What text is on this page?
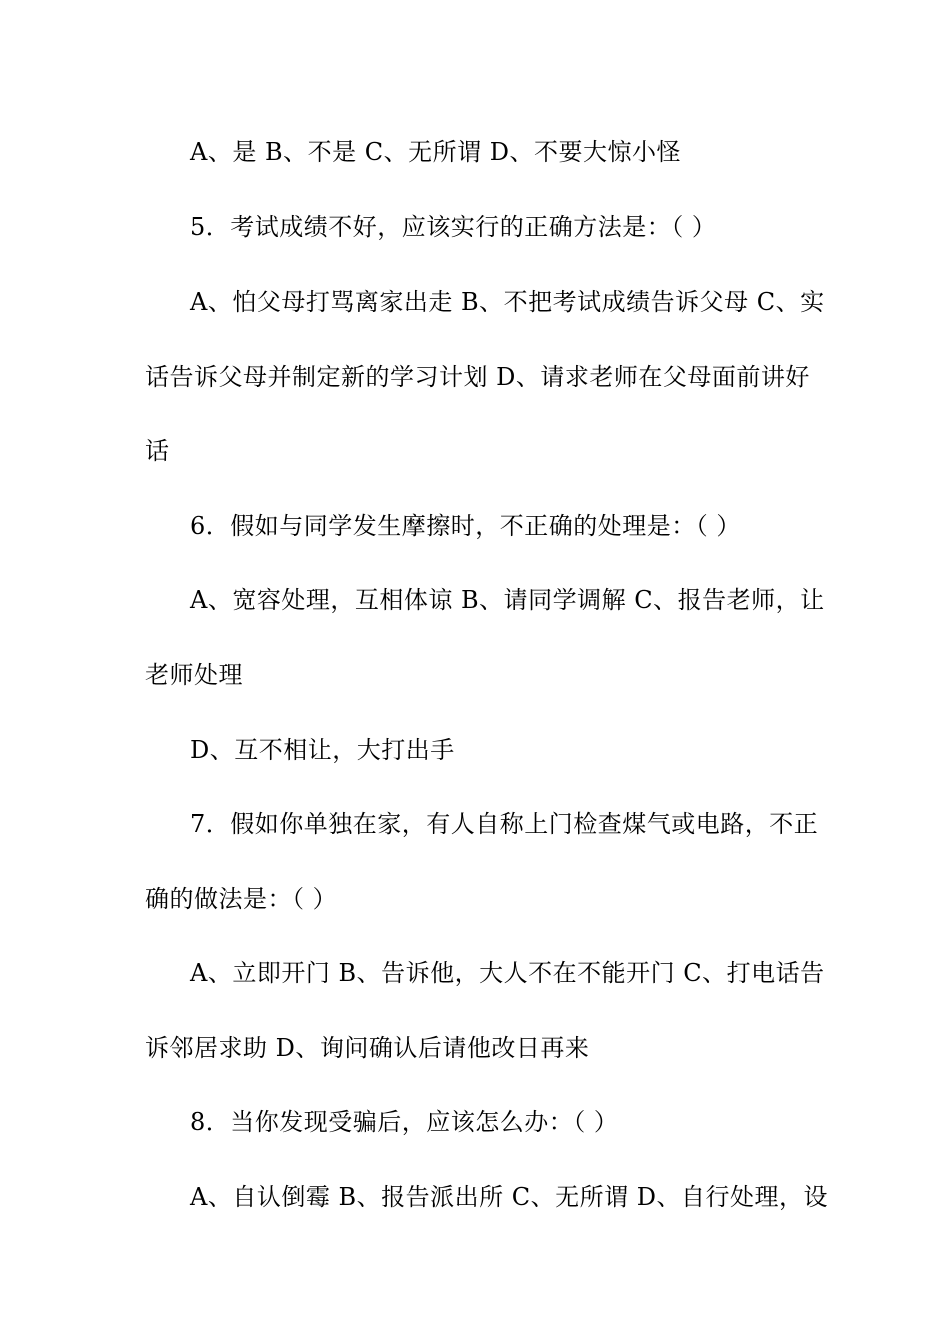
A、是 B、不是 C、无所谓 D、不要大惊小怪
5．考试成绩不好，应该实行的正确方法是：（ ）
A、怕父母打骂离家出走 B、不把考试成绩告诉父母 C、实
话告诉父母并制定新的学习计划 D、请求老师在父母面前讲好
话
6．假如与同学发生摩擦时，不正确的处理是：（ ）
A、宽容处理，互相体谅 B、请同学调解 C、报告老师，让
老师处理
D、互不相让，大打出手
7．假如你单独在家，有人自称上门检查煤气或电路，不正
确的做法是：（ ）
A、立即开门 B、告诉他，大人不在不能开门 C、打电话告
诉邻居求助 D、询问确认后请他改日再来
8．当你发现受骗后，应该怎么办：（ ）
A、自认倒霉 B、报告派出所 C、无所谓 D、自行处理，设
